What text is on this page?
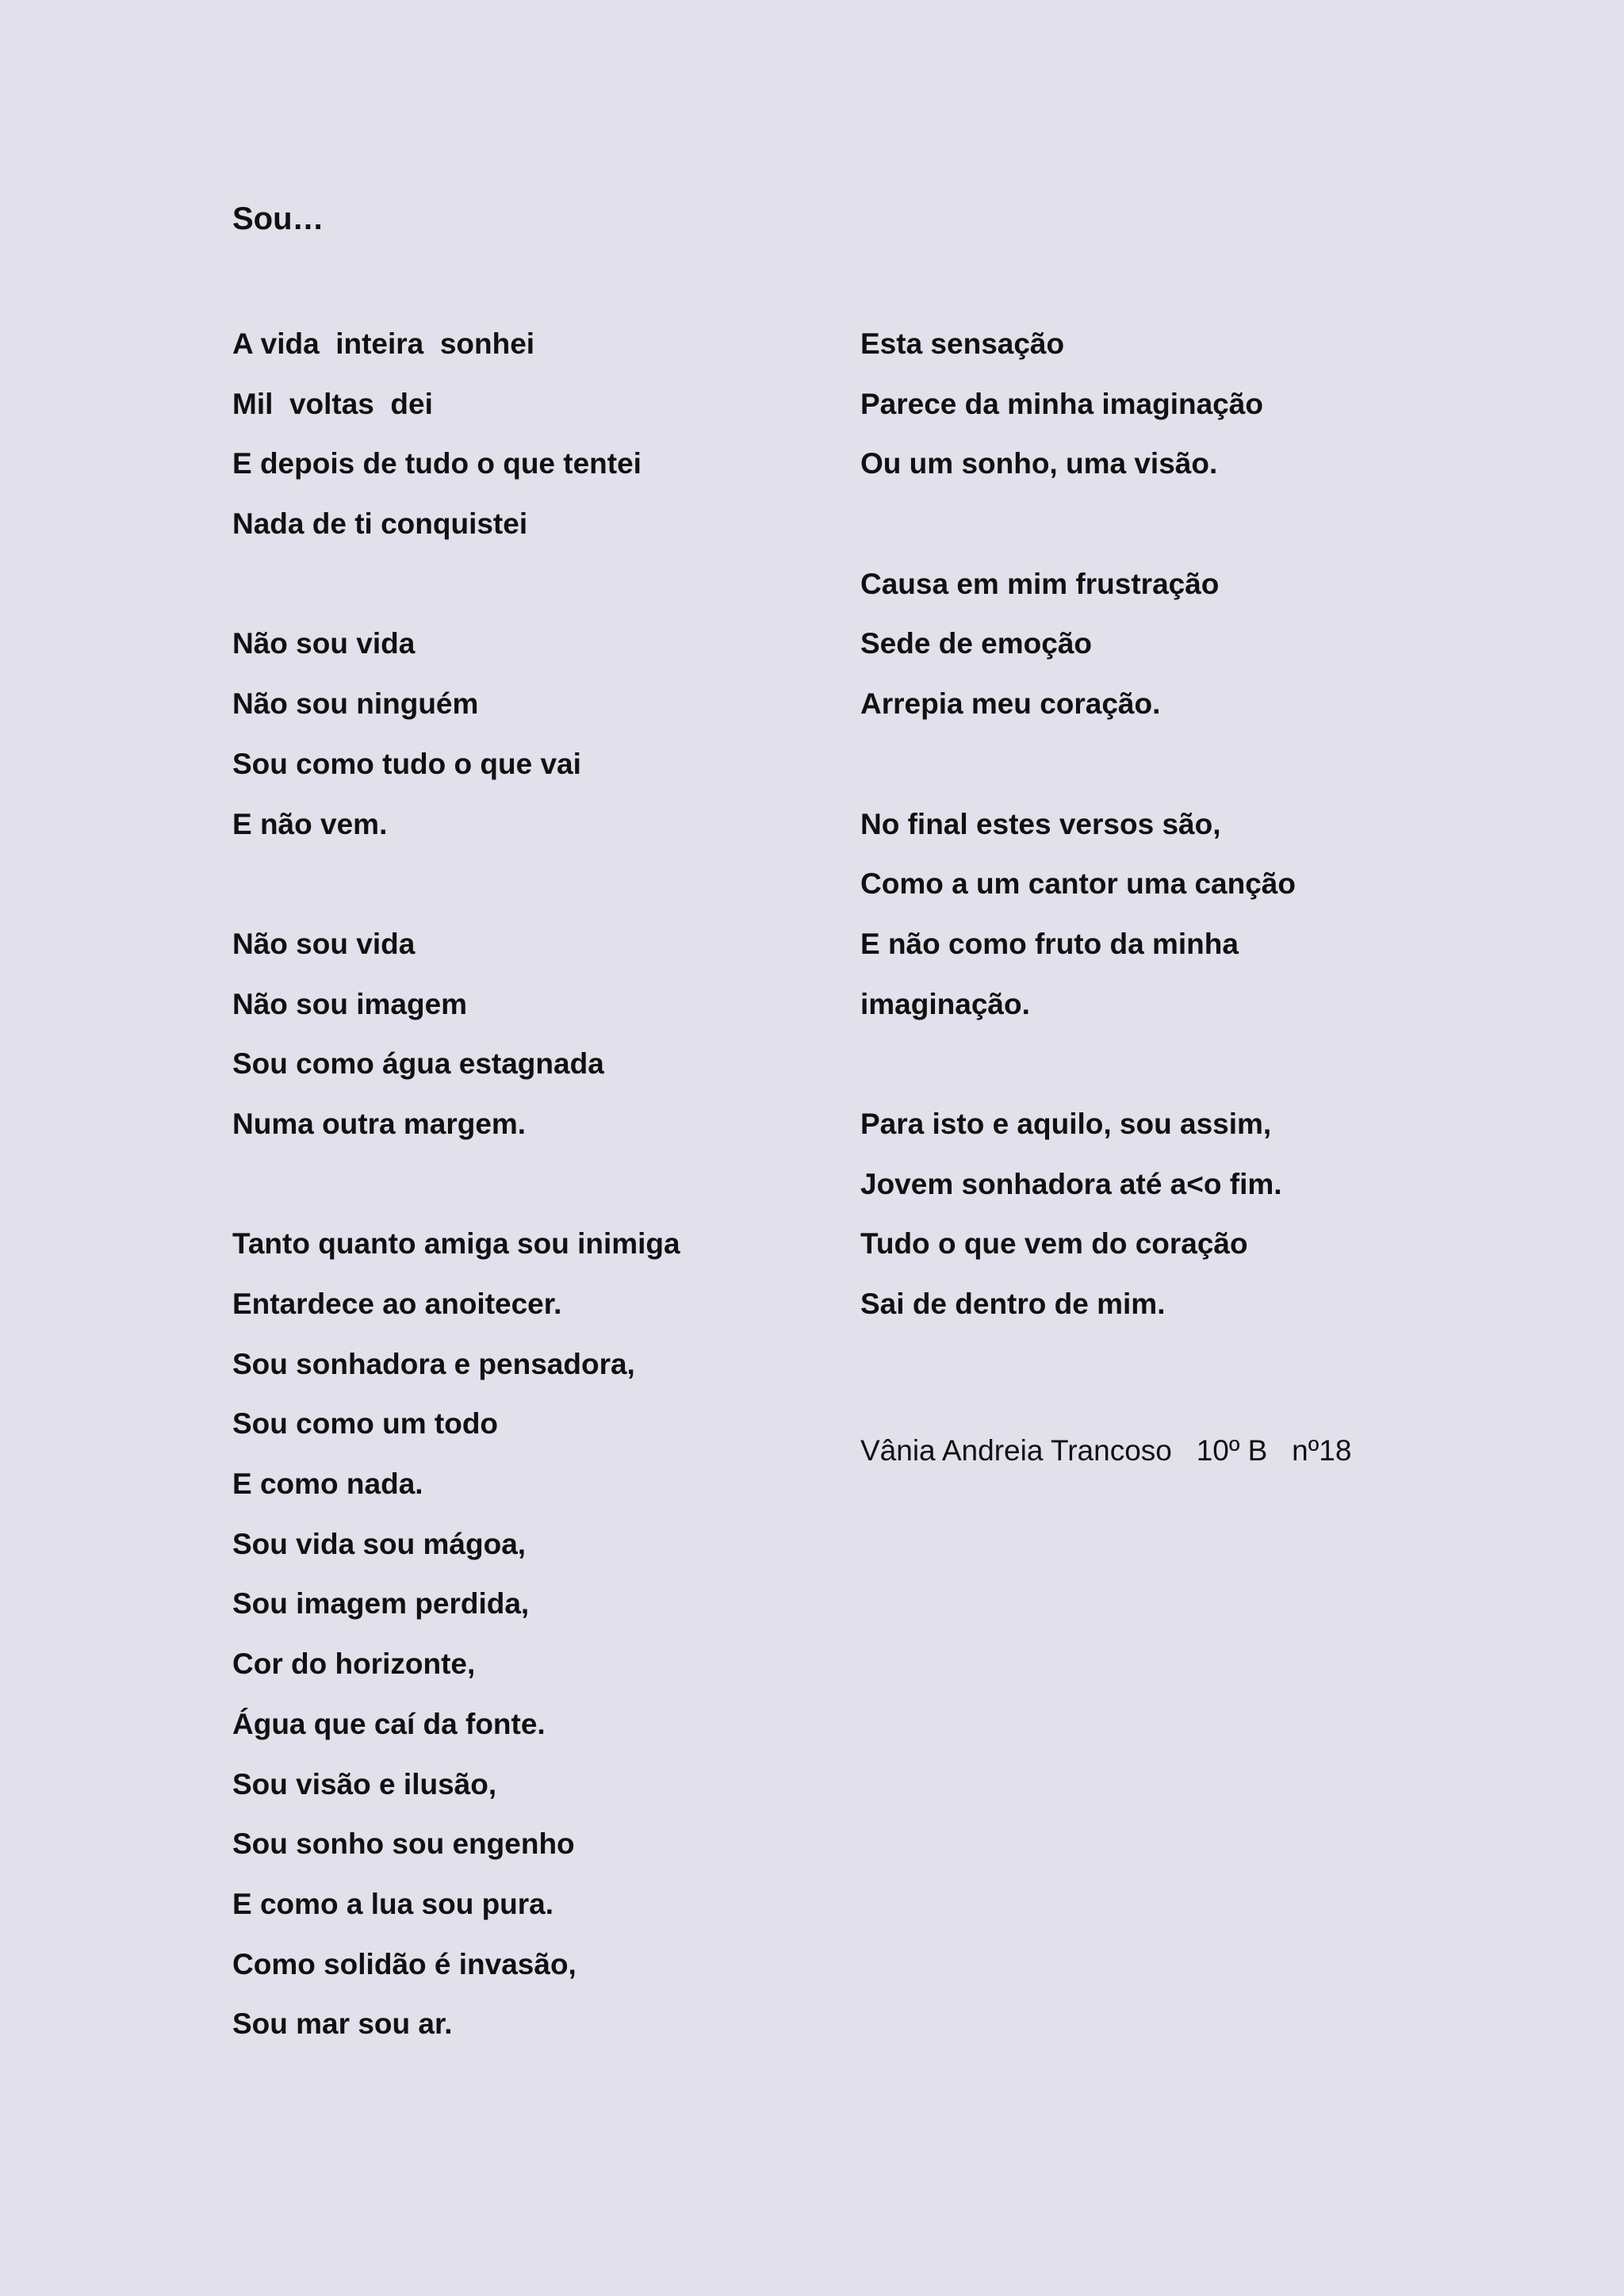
Sou…
A vida  inteira  sonhei
Mil  voltas  dei
E depois de tudo o que tentei
Nada de ti conquistei
Não sou vida
Não sou ninguém
Sou como tudo o que vai
E não vem.
Não sou vida
Não sou imagem
Sou como água estagnada
Numa outra margem.
Tanto quanto amiga sou inimiga
Entardece ao anoitecer.
Sou sonhadora e pensadora,
Sou como um todo
E como nada.
Sou vida sou mágoa,
Sou imagem perdida,
Cor do horizonte,
Água que caí da fonte.
Sou visão e ilusão,
Sou sonho sou engenho
E como a lua sou pura.
Como solidão é invasão,
Sou mar sou ar.
Esta sensação
Parece da minha imaginação
Ou um sonho, uma visão.
Causa em mim frustração
Sede de emoção
Arrepia meu coração.
No final estes versos são,
Como a um cantor uma canção
E não como fruto da minha
imaginação.
Para isto e aquilo, sou assim,
Jovem sonhadora até a<o fim.
Tudo o que vem do coração
Sai de dentro de mim.
Vânia Andreia Trancoso   10º B   nº18
